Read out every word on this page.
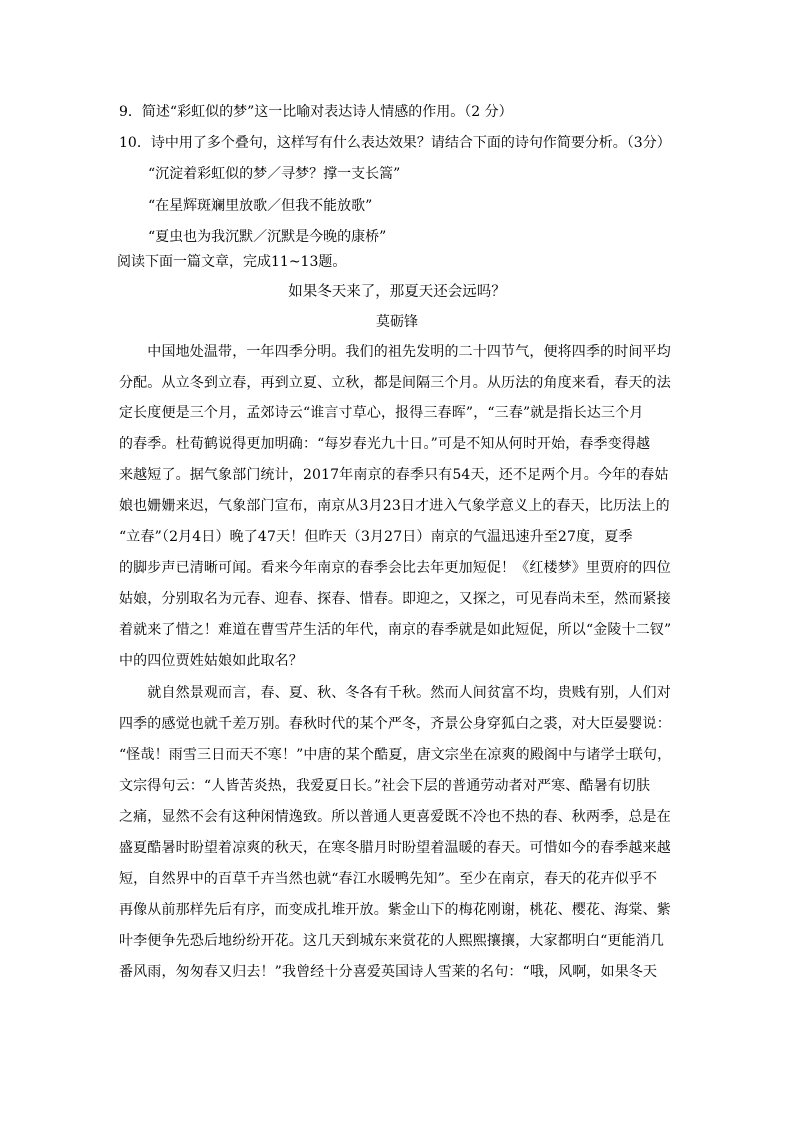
9．简述“彩虹似的梦”这一比喻对表达诗人情感的作用。（2 分）
10．诗中用了多个叠句，这样写有什么表达效果？请结合下面的诗句作简要分析。（3分）
“沉淀着彩虹似的梦／寻梦？撑一支长篙”
“在星辉斑斓里放歌／但我不能放歌”
“夏虫也为我沉默／沉默是今晚的康桥”
阅读下面一篇文章，完成11~13题。
如果冬天来了，那夏天还会远吗？
莫砺锋
　　中国地处温带，一年四季分明。我们的祖先发明的二十四节气，便将四季的时间平均
分配。从立冬到立春，再到立夏、立秋，都是间隔三个月。从历法的角度来看，春天的法
定长度便是三个月，孟郊诗云“谁言寸草心，报得三春晖”，“三春”就是指长达三个月
的春季。杜荀鹤说得更加明确：“每岁春光九十日。”可是不知从何时开始，春季变得越
来越短了。据气象部门统计，2017年南京的春季只有54天，还不足两个月。今年的春姑
娘也姗姗来迟，气象部门宣布，南京从3月23日才进入气象学意义上的春天，比历法上的
“立春”（2月4日）晚了47天！但昨天（3月27日）南京的气温迅速升至27度，夏季
的脚步声已清晰可闻。看来今年南京的春季会比去年更加短促！《红楼梦》里贾府的四位
姑娘，分别取名为元春、迎春、探春、惜春。即迎之，又探之，可见春尚未至，然而紧接
着就来了惜之！难道在曹雪芹生活的年代，南京的春季就是如此短促，所以“金陵十二钗”
中的四位贾姓姑娘如此取名？
　　就自然景观而言，春、夏、秋、冬各有千秋。然而人间贫富不均，贵贱有别，人们对
四季的感觉也就千差万别。春秋时代的某个严冬，齐景公身穿狐白之裘，对大臣晏婴说：
“怪哉！雨雪三日而天不寒！”中唐的某个酷夏，唐文宗坐在凉爽的殿阁中与诸学士联句，
文宗得句云：“人皆苦炎热，我爱夏日长。”社会下层的普通劳动者对严寒、酷暑有切肤
之痛，显然不会有这种闲情逸致。所以普通人更喜爱既不冷也不热的春、秋两季，总是在
盛夏酷暑时盼望着凉爽的秋天，在寒冬腊月时盼望着温暖的春天。可惜如今的春季越来越
短，自然界中的百草千卉当然也就“春江水暖鸭先知”。至少在南京，春天的花卉似乎不
再像从前那样先后有序，而变成扎堆开放。紫金山下的梅花刚谢，桃花、樱花、海棠、紫
叶李便争先恐后地纷纷开花。这几天到城东来赏花的人熙熙攘攘，大家都明白“更能消几
番风雨，匆匆春又归去！”我曾经十分喜爱英国诗人雪莱的名句：“哦，风啊，如果冬天
